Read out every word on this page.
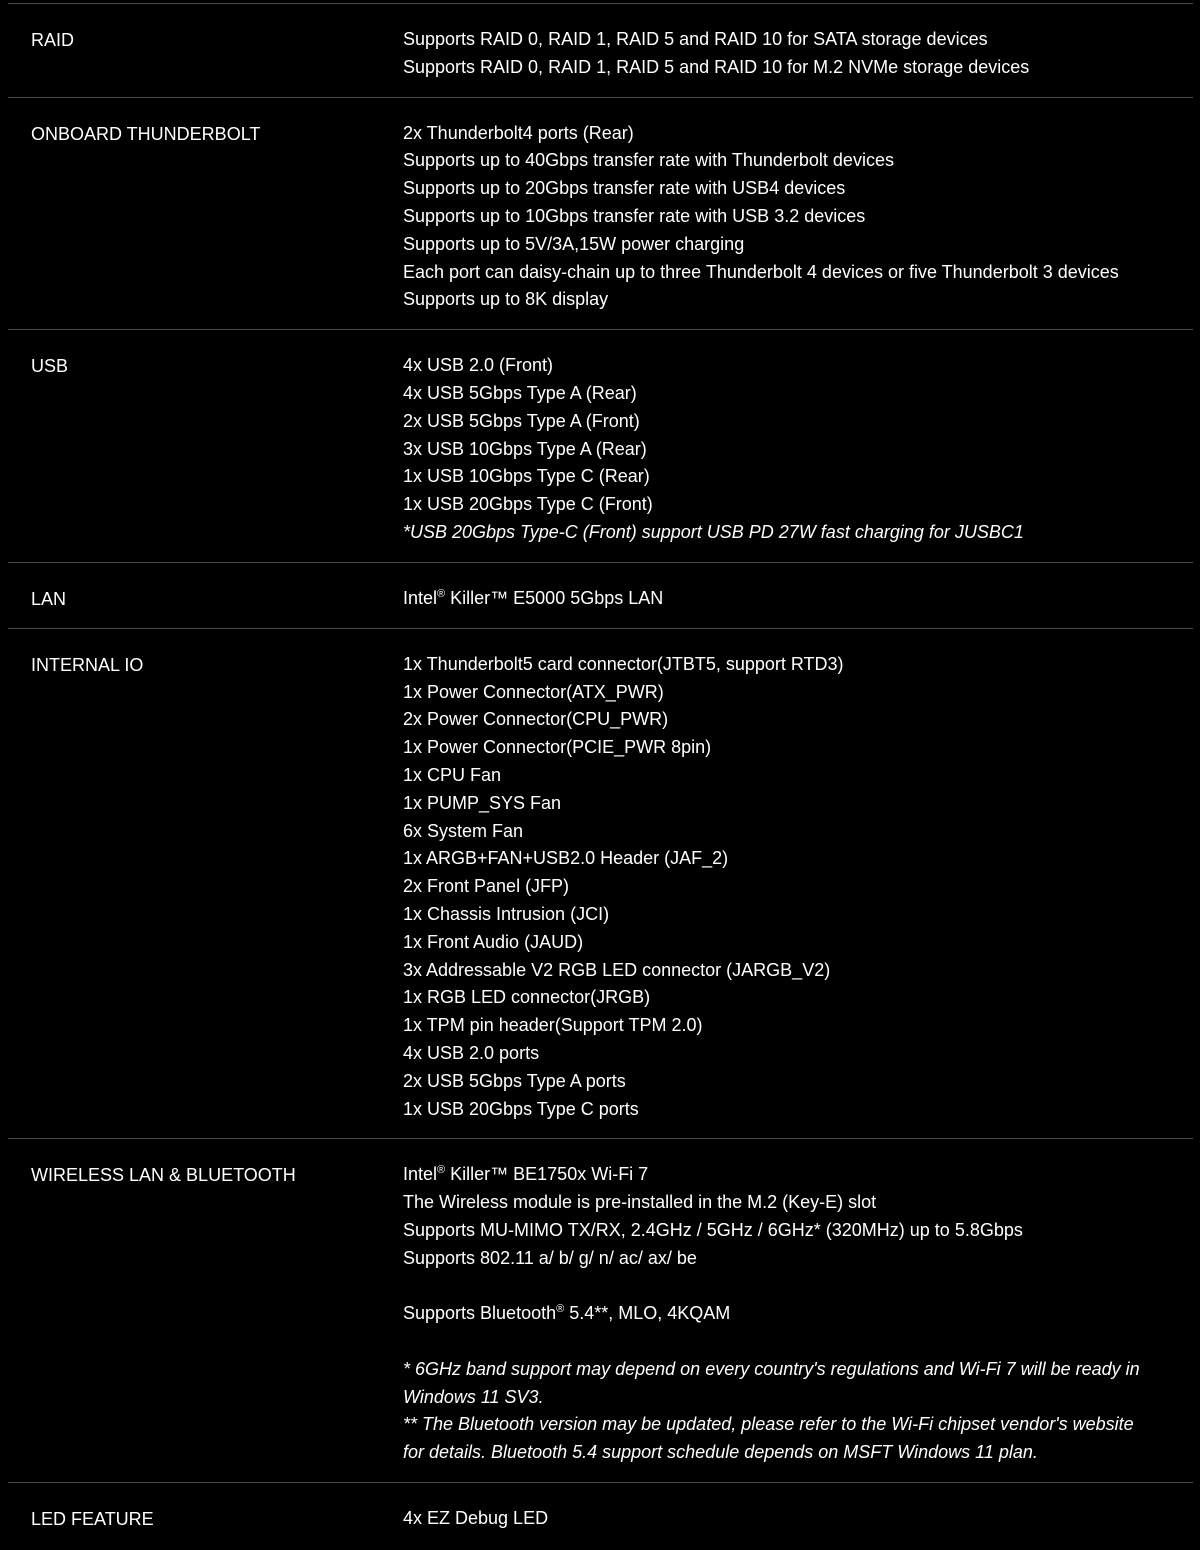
RAID	Supports RAID 0, RAID 1, RAID 5 and RAID 10 for SATA storage devices
Supports RAID 0, RAID 1, RAID 5 and RAID 10 for M.2 NVMe storage devices
ONBOARD THUNDERBOLT	2x Thunderbolt4 ports (Rear)
Supports up to 40Gbps transfer rate with Thunderbolt devices
Supports up to 20Gbps transfer rate with USB4 devices
Supports up to 10Gbps transfer rate with USB 3.2 devices
Supports up to 5V/3A,15W power charging
Each port can daisy-chain up to three Thunderbolt 4 devices or five Thunderbolt 3 devices
Supports up to 8K display
USB	4x USB 2.0 (Front)
4x USB 5Gbps Type A (Rear)
2x USB 5Gbps Type A (Front)
3x USB 10Gbps Type A (Rear)
1x USB 10Gbps Type C (Rear)
1x USB 20Gbps Type C (Front)
*USB 20Gbps Type-C (Front) support USB PD 27W fast charging for JUSBC1
LAN	Intel® Killer™ E5000 5Gbps LAN
INTERNAL IO	1x Thunderbolt5 card connector(JTBT5, support RTD3)
1x Power Connector(ATX_PWR)
2x Power Connector(CPU_PWR)
1x Power Connector(PCIE_PWR 8pin)
1x CPU Fan
1x PUMP_SYS Fan
6x System Fan
1x ARGB+FAN+USB2.0 Header (JAF_2)
2x Front Panel (JFP)
1x Chassis Intrusion (JCI)
1x Front Audio (JAUD)
3x Addressable V2 RGB LED connector (JARGB_V2)
1x RGB LED connector(JRGB)
1x TPM pin header(Support TPM 2.0)
4x USB 2.0 ports
2x USB 5Gbps Type A ports
1x USB 20Gbps Type C ports
WIRELESS LAN & BLUETOOTH	Intel® Killer™ BE1750x Wi-Fi 7
The Wireless module is pre-installed in the M.2 (Key-E) slot
Supports MU-MIMO TX/RX, 2.4GHz / 5GHz / 6GHz* (320MHz) up to 5.8Gbps
Supports 802.11 a/ b/ g/ n/ ac/ ax/ be
Supports Bluetooth® 5.4**, MLO, 4KQAM
* 6GHz band support may depend on every country's regulations and Wi-Fi 7 will be ready in Windows 11 SV3.
** The Bluetooth version may be updated, please refer to the Wi-Fi chipset vendor's website for details. Bluetooth 5.4 support schedule depends on MSFT Windows 11 plan.
LED FEATURE	4x EZ Debug LED
